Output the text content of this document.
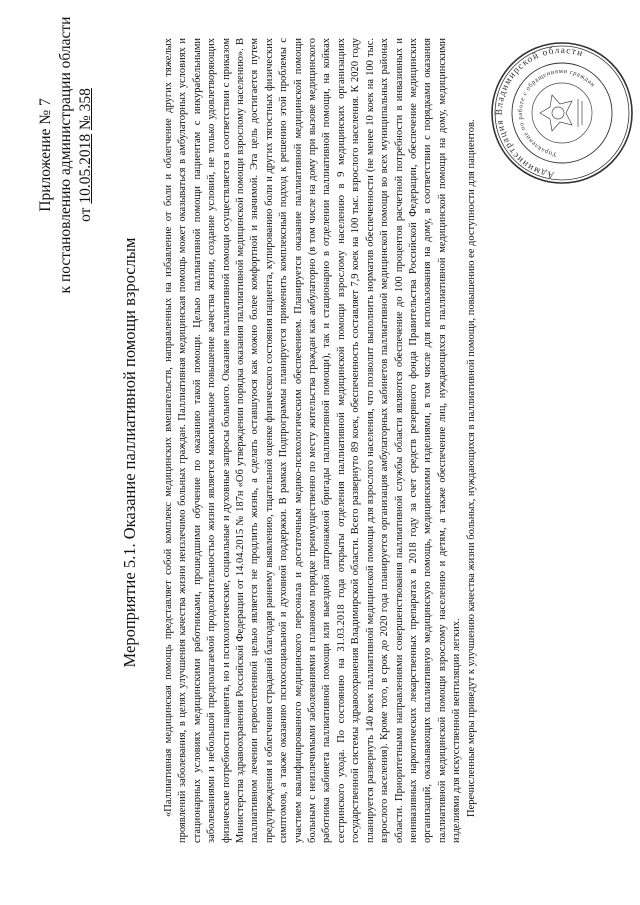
Приложение № 7 к постановлению администрации области от 10.05.2018 № 358
Мероприятие 5.1. Оказание паллиативной помощи взрослым «Паллиативная медицинская помощь представляет собой комплекс медицинских вмешательств, направленных на избавление от боли и облегчение других тяжелых проявлений заболевания, в целях улучшения качества жизни неизлечимо больных граждан. Паллиативная медицинская помощь может оказываться в амбулаторных условиях и стационарных условиях медицинскими работниками, прошедшими обучение по оказанию такой помощи. Целью паллиативной помощи пациентам с инкурабельными заболеваниями и небольшой предполагаемой продолжительностью жизни является максимальное повышение качества жизни, создание условий, не только удовлетворяющих физические потребности пациента, но и психологические, социальные и духовные запросы больного. Оказание паллиативной помощи осуществляется в соответствии с приказом Министерства здравоохранения Российской Федерации от 14.04.2015 № 187н «Об утверждении порядка оказания паллиативной медицинской помощи взрослому населению». В паллиативном лечении первостепенной целью является не продлить жизнь, а сделать оставшуюся как можно более комфортной и значимой. Эта цель достигается путем предупреждения и облегчения страданий благодаря раннему выявлению, тщательной оценке физического состояния пациента, купированию боли и других тягостных физических симптомов, а также оказанию психосоциальной и духовной поддержки. В рамках Подпрограммы планируется применить комплексный подход к решению этой проблемы с участием квалифицированного медицинского персонала и достаточным медико-психологическим обеспечением. Планируется оказание паллиативной медицинской помощи больным с неизлечимыми заболеваниями в плановом порядке преимущественно по месту жительства граждан как амбулаторно (в том числе на дому при вызове медицинского работника кабинета паллиативной помощи или выездной патронажной бригады паллиативной помощи), так и стационарно в отделении паллиативной помощи, на койках сестринского ухода. По состоянию на 31.03.2018 года открыты отделения паллиативной медицинской помощи взрослому населению в 9 медицинских организациях государственной системы здравоохранения Владимирской области. Всего развернуто 89 коек, обеспеченность составляет 7,9 коек на 100 тыс. взрослого населения. К 2020 году планируется развернуть 140 коек паллиативной медицинской помощи для взрослого населения, что позволит выполнить норматив обеспеченности (не менее 10 коек на 100 тыс. взрослого населения). Кроме того, в срок до 2020 года планируется организация амбулаторных кабинетов паллиативной медицинской помощи во всех муниципальных районах области. Приоритетными направлениями совершенствования паллиативной службы области являются обеспечение до 100 процентов расчетной потребности в инвазивных и неинвазивных наркотических лекарственных препаратах в 2018 году за счет средств резервного фонда Правительства Российской Федерации, обеспечение медицинских организаций, оказывающих паллиативную медицинскую помощь, медицинскими изделиями, в том числе для использования на дому, в соответствии с порядками оказания паллиативной медицинской помощи взрослому населению и детям, а также обеспечение лиц, нуждающихся в паллиативной медицинской помощи на дому, медицинскими изделиями для искусственной вентиляции легких. Перечисленные меры приведут к улучшению качества жизни больных, нуждающихся в паллиативной помощи, повышению ее доступности для пациентов.	Администрация Владимирской области
Управление по работе с обращениями граждан
